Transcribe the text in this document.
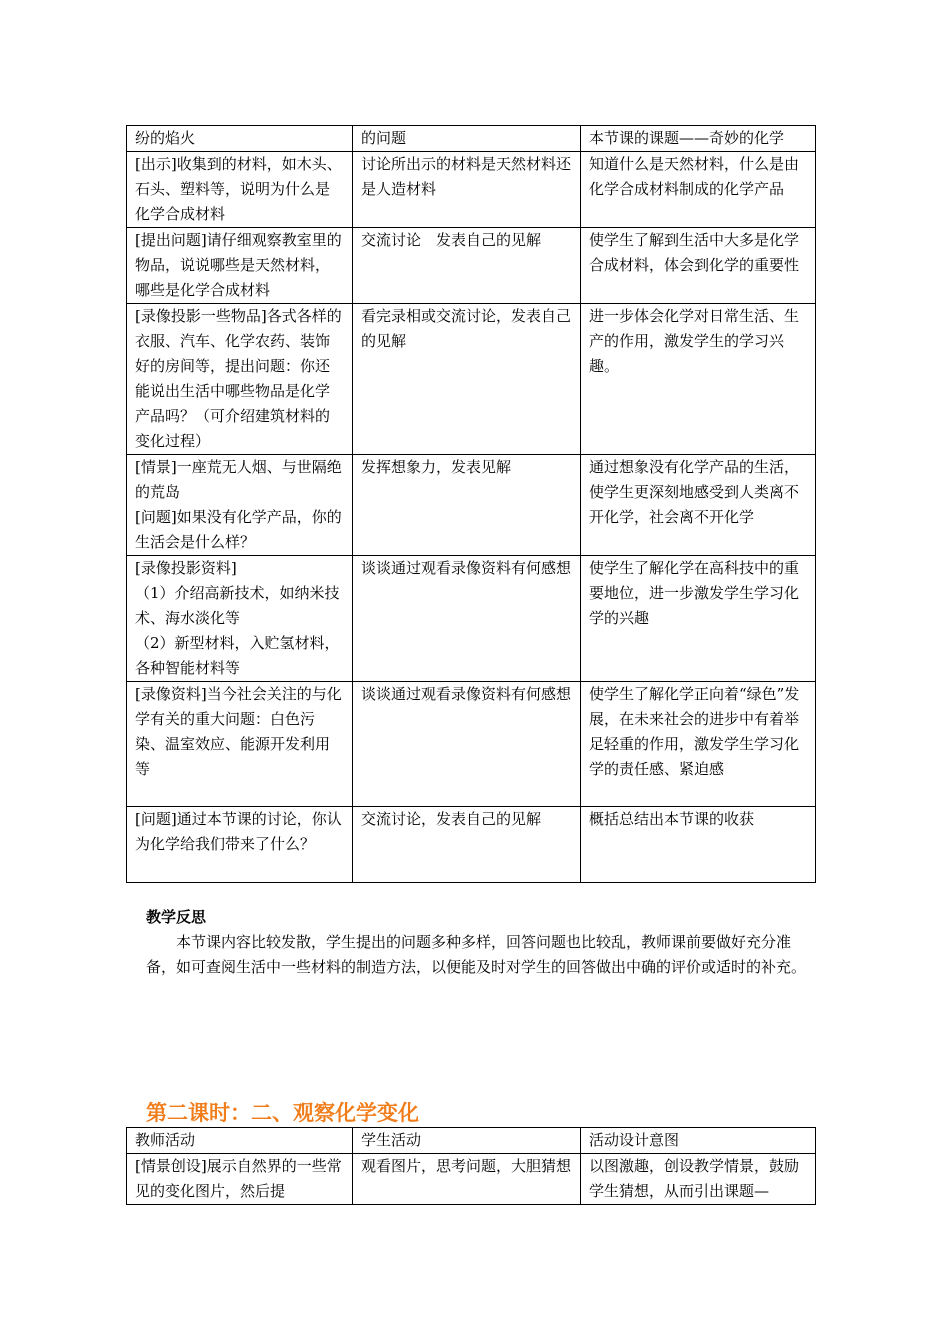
纷的焰火	的问题	本节课的课题——奇妙的化学
[出示]收集到的材料，如木头、石头、塑料等，说明为什么是化学合成材料	讨论所出示的材料是天然材料还是人造材料	知道什么是天然材料，什么是由化学合成材料制成的化学产品
[提出问题]请仔细观察教室里的物品，说说哪些是天然材料，哪些是化学合成材料	交流讨论　发表自己的见解	使学生了解到生活中大多是化学合成材料，体会到化学的重要性
[录像投影一些物品]各式各样的衣服、汽车、化学农药、装饰好的房间等，提出问题：你还能说出生活中哪些物品是化学产品吗？（可介绍建筑材料的变化过程）	看完录相或交流讨论，发表自己的见解	进一步体会化学对日常生活、生产的作用，激发学生的学习兴趣。

[情景]一座荒无人烟、与世隔绝的荒岛
[问题]如果没有化学产品，你的生活会是什么样？	发挥想象力，发表见解	通过想象没有化学产品的生活，使学生更深刻地感受到人类离不开化学，社会离不开化学

[录像投影资料]
（1）介绍高新技术，如纳米技术、海水淡化等
（2）新型材料，入贮氢材料，各种智能材料等	谈谈通过观看录像资料有何感想	使学生了解化学在高科技中的重要地位，进一步激发学生学习化学的兴趣
[录像资料]当今社会关注的与化学有关的重大问题：白色污染、温室效应、能源开发利用等	谈谈通过观看录像资料有何感想	使学生了解化学正向着“绿色”发展，在未来社会的进步中有着举足轻重的作用，激发学生学习化学的责任感、紧迫感
[问题]通过本节课的讨论，你认为化学给我们带来了什么？	交流讨论，发表自己的见解	概括总结出本节课的收获
教学反思

本节课内容比较发散，学生提出的问题多种多样，回答问题也比较乱，教师课前要做好充分准备，如可查阅生活中一些材料的制造方法，以便能及时对学生的回答做出中确的评价或适时的补充。

第二课时：二、观察化学变化
教师活动	学生活动	活动设计意图
[情景创设]展示自然界的一些常见的变化图片，然后提	观看图片，思考问题，大胆猜想	以图激趣，创设教学情景，鼓励学生猜想，从而引出课题—
